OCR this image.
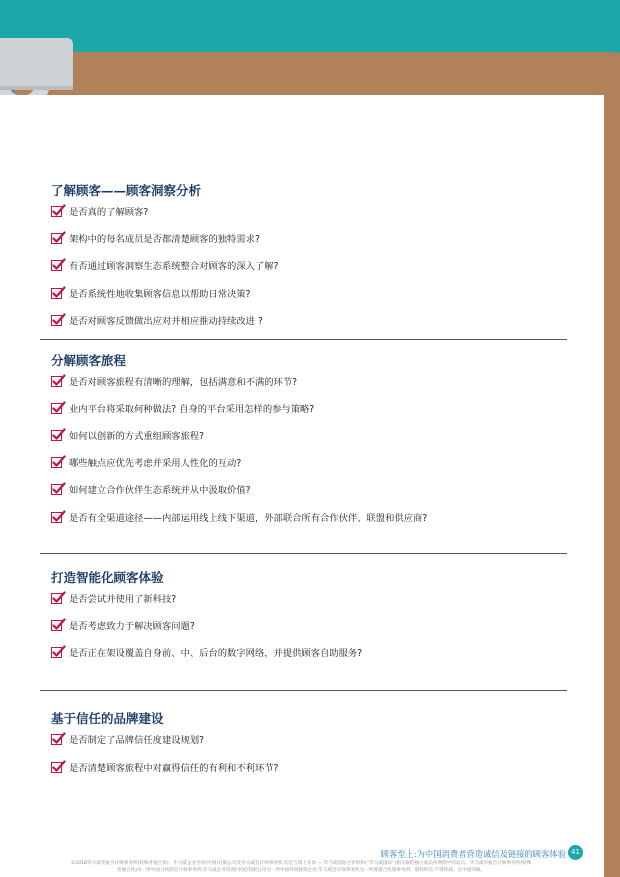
了解顾客——顾客洞察分析
是否真的了解顾客?
架构中的每名成员是否都清楚顾客的独特需求?
有否通过顾客洞察生态系统整合对顾客的深入了解?
是否系统性地收集顾客信息以帮助日常决策?
是否对顾客反馈做出应对并相应推动持续改进 ?
分解顾客旅程
是否对顾客旅程有清晰的理解，包括满意和不满的环节?
业内平台将采取何种做法? 自身的平台采用怎样的参与策略?
如何以创新的方式重组顾客旅程?
哪些触点应优先考虑并采用人性化的互动?
如何建立合作伙伴生态系统并从中汲取价值?
是否有全渠道途径——内部运用线上线下渠道，外部联合所有合作伙伴、联盟和供应商?
打造智能化顾客体验
是否尝试并使用了新科技?
是否考虑致力于解决顾客问题?
是否正在架设覆盖自身前、中、后台的数字网络，并提供顾客自助服务?
基于信任的品牌建设
是否制定了品牌信任度建设规划?
是否清楚顾客旅程中对赢得信任的有利和不利环节?
顾客至上:为中国消费者营造诚信及链接的顾客体验 41
©2018毕马威华振会计师事务所(特殊普通合伙)、毕马威企业咨询(中国)有限公司及毕马威会计师事务所,均是与瑞士实体 — 毕马威国际合作组织(“毕马威国际”)相关联的独立成员所网络中的成员。毕马威华振会计师事务所(特殊
普通合伙)为一所中国合伙制会计师事务所;毕马威企业咨询(中国)有限公司为一所中国外商独资企业;毕马威会计师事务所为一所香港合伙制事务所。版权所有,不得转载。在中国印刷。
